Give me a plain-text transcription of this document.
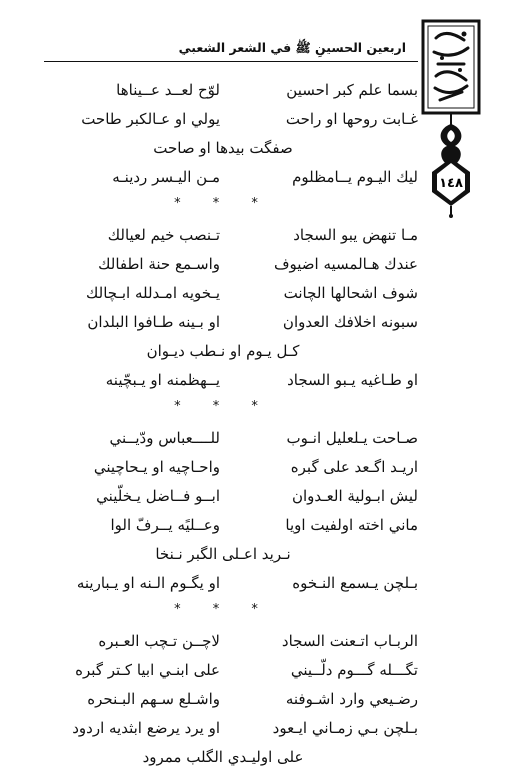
اربعين الحسينِ ﷺ في الشعر الشعبي
١٤٨
بسما علم كبر احسين
لوّح لعــد عــيناها
غـابت روحها او راحت
يولي او عـالكبر طاحت
صفگت بيدها او صاحت
ليك اليـوم يــامظلوم
مـن اليـسر ردينـه
* * *
مـا تنهض يبو السجاد
تـنصب خيم لعيالك
عندك هـالمسيه اضيوف
واسـمع حنة اطفالك
شوف اشحالها الچانت
يـخويه امـدلله ابـچالك
سبونه اخلافك العدوان
او بـينه طـافوا البلدان
كـل يـوم او نـطب ديـوان
او طـاغيه يـبو السجاد
يــهظمنه او يـبچّينه
* * *
صـاحت يـلعليل انـوب
للــــعباس ودّيــني
اريـد اگـعد على گبره
واحـاچيه او يـحاچيني
ليش ابـولية العـدوان
ابــو فــاضل يـخلّيني
ماني اخته اولفيت اويا
وعــليًه يــرفّ الوا
نـريد اعـلى الگبر نـنخا
بـلچن يـسمع النـخوه
او يگـوم الـنه او يـبارينه
* * *
الربـاب اتـعنت السجاد
لاچــن تـچب العـبره
تگـــله گـــوم دلّــيني
على ابنـي ابيا كـتر گبره
رضـيعي وارد اشـوفنه
واشـلع سـهم البـنحره
بـلچن بـي زمـاني ايـعود
او يرد يرضع ابثديه اردود
على اوليـدي الگلب ممرود
